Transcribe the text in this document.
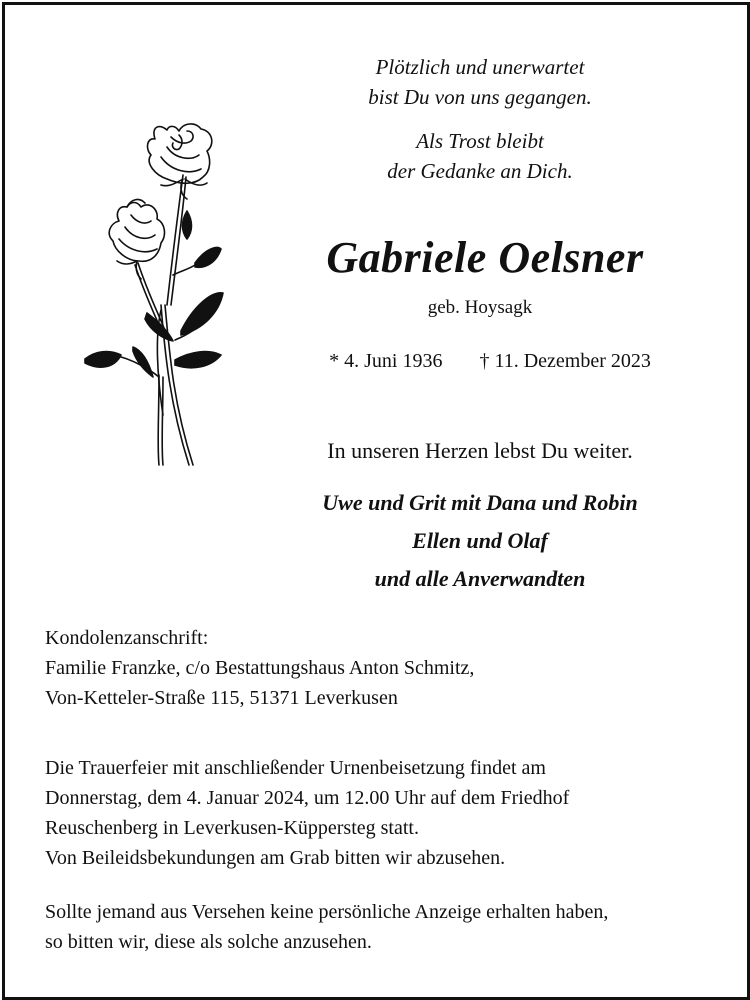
Plötzlich und unerwartet
bist Du von uns gegangen.
Als Trost bleibt
der Gedanke an Dich.
Gabriele Oelsner
geb. Hoysagk
* 4. Juni 1936 † 11. Dezember 2023
In unseren Herzen lebst Du weiter.
Uwe und Grit mit Dana und Robin
Ellen und Olaf
und alle Anverwandten
Kondolenzanschrift:
Familie Franzke, c/o Bestattungshaus Anton Schmitz,
Von-Ketteler-Straße 115, 51371 Leverkusen
Die Trauerfeier mit anschließender Urnenbeisetzung findet am
Donnerstag, dem 4. Januar 2024, um 12.00 Uhr auf dem Friedhof
Reuschenberg in Leverkusen-Küppersteg statt.
Von Beileidsbekundungen am Grab bitten wir abzusehen.
Sollte jemand aus Versehen keine persönliche Anzeige erhalten haben,
so bitten wir, diese als solche anzusehen.
